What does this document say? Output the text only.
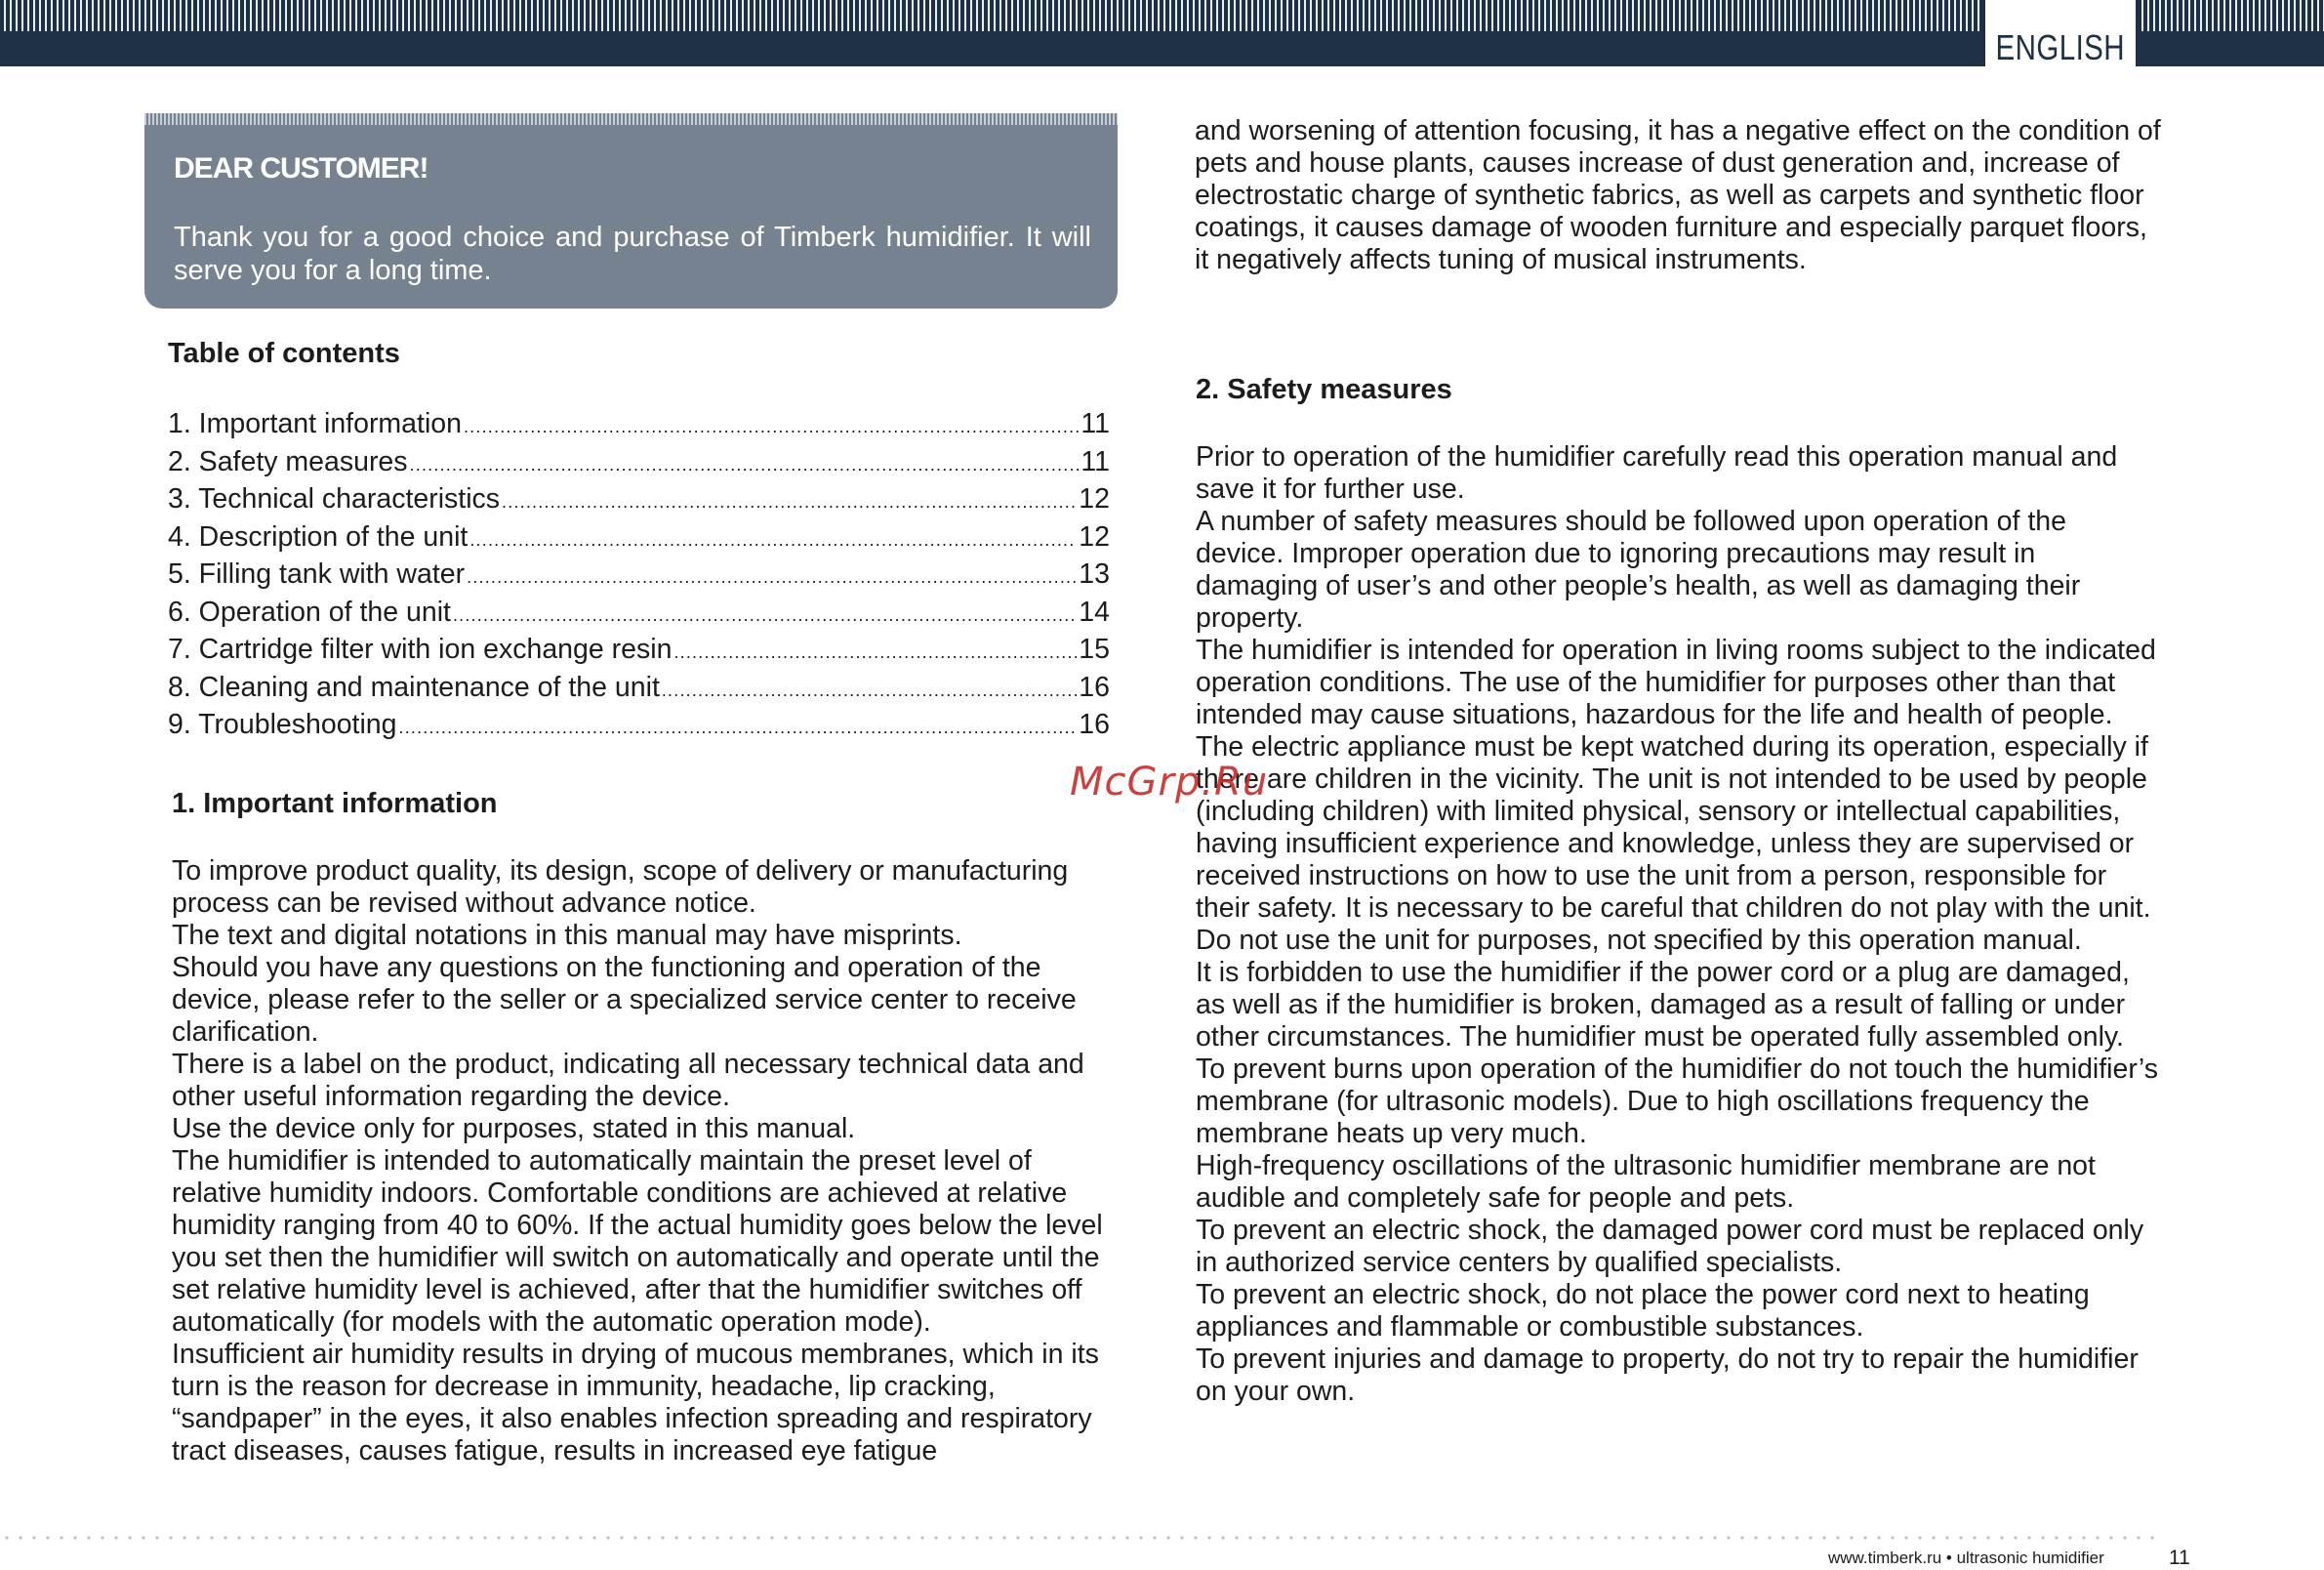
ENGLISH
DEAR CUSTOMER!
Thank you for a good choice and purchase of Timberk humidifier. It will serve you for a long time.
Table of contents
1. Important information .....	11
2. Safety measures .....	11
3. Technical characteristics .....	12
4. Description of the unit .....	12
5. Filling tank with water .....	13
6. Operation of the unit .....	14
7. Cartridge filter with ion exchange resin .....	15
8. Cleaning and maintenance of the unit .....	16
9. Troubleshooting .....	16
1. Important information

To improve product quality, its design, scope of delivery or manufacturing process can be revised without advance notice.

The text and digital notations in this manual may have misprints.

Should you have any questions on the functioning and operation of the device, please refer to the seller or a specialized service center to receive clarification.

There is a label on the product, indicating all necessary technical data and other useful information regarding the device.

Use the device only for purposes, stated in this manual.

The humidifier is intended to automatically maintain the preset level of relative humidity indoors. Comfortable conditions are achieved at relative humidity ranging from 40 to 60%. If the actual humidity goes below the level you set then the humidifier will switch on automatically and operate until the set relative humidity level is achieved, after that the humidifier switches off automatically (for models with the automatic operation mode).

Insufficient air humidity results in drying of mucous membranes, which in its turn is the reason for decrease in immunity, headache, lip cracking, “sandpaper” in the eyes, it also enables infection spreading and respiratory tract diseases, causes fatigue, results in increased eye fatigue

and worsening of attention focusing, it has a negative effect on the condition of pets and house plants, causes increase of dust generation and, increase of electrostatic charge of synthetic fabrics, as well as carpets and synthetic floor coatings, it causes damage of wooden furniture and especially parquet floors, it negatively affects tuning of musical instruments.

2. Safety measures

Prior to operation of the humidifier carefully read this operation manual and save it for further use.

A number of safety measures should be followed upon operation of the device. Improper operation due to ignoring precautions may result in damaging of user’s and other people’s health, as well as damaging their property.

The humidifier is intended for operation in living rooms subject to the indicated operation conditions. The use of the humidifier for purposes other than that intended may cause situations, hazardous for the life and health of people.

The electric appliance must be kept watched during its operation, especially if there are children in the vicinity. The unit is not intended to be used by people (including children) with limited physical, sensory or intellectual capabilities, having insufficient experience and knowledge, unless they are supervised or received instructions on how to use the unit from a person, responsible for their safety. It is necessary to be careful that children do not play with the unit.

Do not use the unit for purposes, not specified by this operation manual.

It is forbidden to use the humidifier if the power cord or a plug are damaged, as well as if the humidifier is broken, damaged as a result of falling or under other circumstances. The humidifier must be operated fully assembled only.

To prevent burns upon operation of the humidifier do not touch the humidifier’s membrane (for ultrasonic models). Due to high oscillations frequency the membrane heats up very much.

High-frequency oscillations of the ultrasonic humidifier membrane are not audible and completely safe for people and pets.

To prevent an electric shock, the damaged power cord must be replaced only in authorized service centers by qualified specialists.

To prevent an electric shock, do not place the power cord next to heating appliances and flammable or combustible substances.

To prevent injuries and damage to property, do not try to repair the humidifier on your own.

McGrp.Ru
www.timberk.ru • ultrasonic humidifier	11
